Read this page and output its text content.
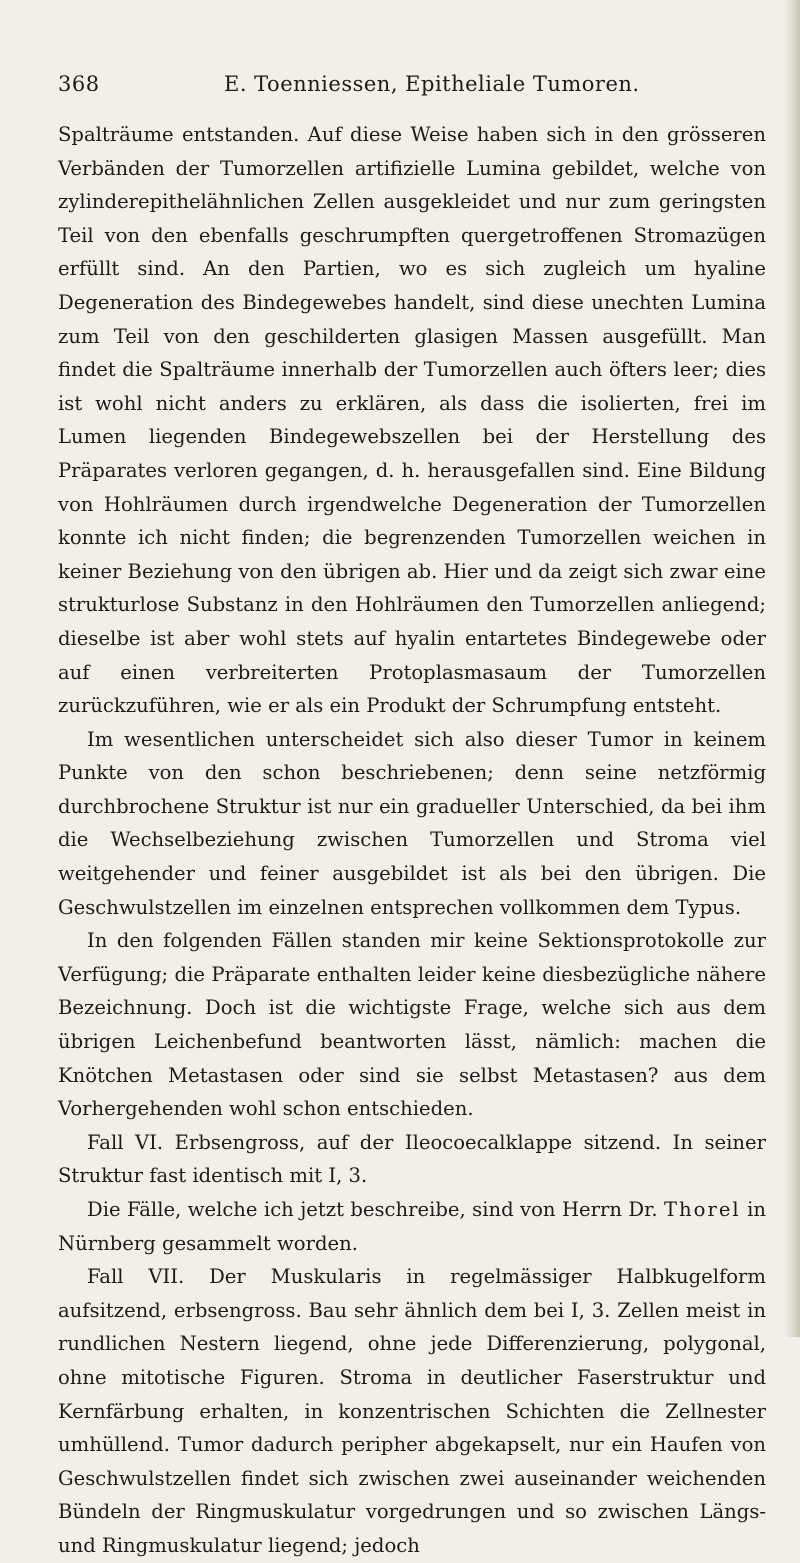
368	E. Toenniessen, Epitheliale Tumoren.

Spalträume entstanden. Auf diese Weise haben sich in den grösseren Verbänden der Tumorzellen artifizielle Lumina gebildet, welche von zylinderepithelähnlichen Zellen ausgekleidet und nur zum geringsten Teil von den ebenfalls geschrumpften quergetroffenen Stromazügen erfüllt sind. An den Partien, wo es sich zugleich um hyaline Degeneration des Bindegewebes handelt, sind diese unechten Lumina zum Teil von den geschilderten glasigen Massen ausgefüllt. Man findet die Spalträume innerhalb der Tumorzellen auch öfters leer; dies ist wohl nicht anders zu erklären, als dass die isolierten, frei im Lumen liegenden Bindegewebszellen bei der Herstellung des Präparates verloren gegangen, d. h. herausgefallen sind. Eine Bildung von Hohlräumen durch irgendwelche Degeneration der Tumorzellen konnte ich nicht finden; die begrenzenden Tumorzellen weichen in keiner Beziehung von den übrigen ab. Hier und da zeigt sich zwar eine strukturlose Substanz in den Hohlräumen den Tumorzellen anliegend; dieselbe ist aber wohl stets auf hyalin entartetes Bindegewebe oder auf einen verbreiterten Protoplasmasaum der Tumorzellen zurückzuführen, wie er als ein Produkt der Schrumpfung entsteht.

Im wesentlichen unterscheidet sich also dieser Tumor in keinem Punkte von den schon beschriebenen; denn seine netzförmig durchbrochene Struktur ist nur ein gradueller Unterschied, da bei ihm die Wechselbeziehung zwischen Tumorzellen und Stroma viel weitgehender und feiner ausgebildet ist als bei den übrigen. Die Geschwulstzellen im einzelnen entsprechen vollkommen dem Typus.

In den folgenden Fällen standen mir keine Sektionsprotokolle zur Verfügung; die Präparate enthalten leider keine diesbezügliche nähere Bezeichnung. Doch ist die wichtigste Frage, welche sich aus dem übrigen Leichenbefund beantworten lässt, nämlich: machen die Knötchen Metastasen oder sind sie selbst Metastasen? aus dem Vorhergehenden wohl schon entschieden.

Fall VI. Erbsengross, auf der Ileocoecalklappe sitzend. In seiner Struktur fast identisch mit I, 3.

Die Fälle, welche ich jetzt beschreibe, sind von Herrn Dr. Thorel in Nürnberg gesammelt worden.

Fall VII. Der Muskularis in regelmässiger Halbkugelform aufsitzend, erbsengross. Bau sehr ähnlich dem bei I, 3. Zellen meist in rundlichen Nestern liegend, ohne jede Differenzierung, polygonal, ohne mitotische Figuren. Stroma in deutlicher Faserstruktur und Kernfärbung erhalten, in konzentrischen Schichten die Zellnester umhüllend. Tumor dadurch peripher abgekapselt, nur ein Haufen von Geschwulstzellen findet sich zwischen zwei auseinander weichenden Bündeln der Ringmuskulatur vorgedrungen und so zwischen Längs- und Ringmuskulatur liegend; jedoch
